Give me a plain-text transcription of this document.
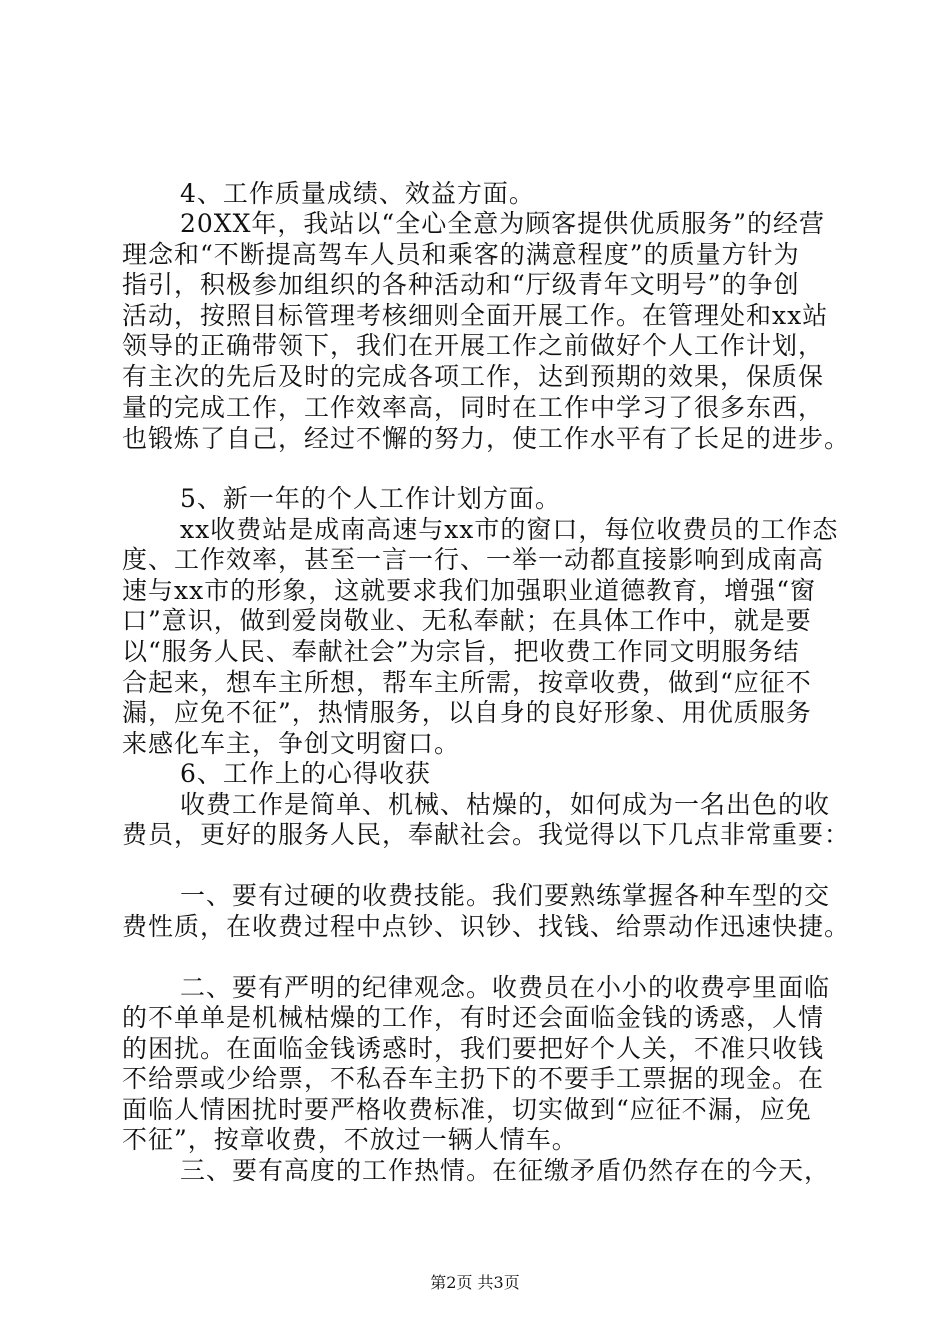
4、工作质量成绩、效益方面。
20XX年，我站以“全心全意为顾客提供优质服务”的经营
理念和“不断提高驾车人员和乘客的满意程度”的质量方针为
指引，积极参加组织的各种活动和“厅级青年文明号”的争创
活动，按照目标管理考核细则全面开展工作。在管理处和xx站
领导的正确带领下，我们在开展工作之前做好个人工作计划，
有主次的先后及时的完成各项工作，达到预期的效果，保质保
量的完成工作，工作效率高，同时在工作中学习了很多东西，
也锻炼了自己，经过不懈的努力，使工作水平有了长足的进步。
5、新一年的个人工作计划方面。
xx收费站是成南高速与xx市的窗口，每位收费员的工作态
度、工作效率，甚至一言一行、一举一动都直接影响到成南高
速与xx市的形象，这就要求我们加强职业道德教育，增强“窗
口”意识，做到爱岗敬业、无私奉献；在具体工作中，就是要
以“服务人民、奉献社会”为宗旨，把收费工作同文明服务结
合起来，想车主所想，帮车主所需，按章收费，做到“应征不
漏，应免不征”，热情服务，以自身的良好形象、用优质服务
来感化车主，争创文明窗口。
6、工作上的心得收获
收费工作是简单、机械、枯燥的，如何成为一名出色的收
费员，更好的服务人民，奉献社会。我觉得以下几点非常重要：
一、要有过硬的收费技能。我们要熟练掌握各种车型的交
费性质，在收费过程中点钞、识钞、找钱、给票动作迅速快捷。
二、要有严明的纪律观念。收费员在小小的收费亭里面临
的不单单是机械枯燥的工作，有时还会面临金钱的诱惑，人情
的困扰。在面临金钱诱惑时，我们要把好个人关，不准只收钱
不给票或少给票，不私吞车主扔下的不要手工票据的现金。在
面临人情困扰时要严格收费标准，切实做到“应征不漏，应免
不征”，按章收费，不放过一辆人情车。
三、要有高度的工作热情。在征缴矛盾仍然存在的今天，
第2页 共3页
